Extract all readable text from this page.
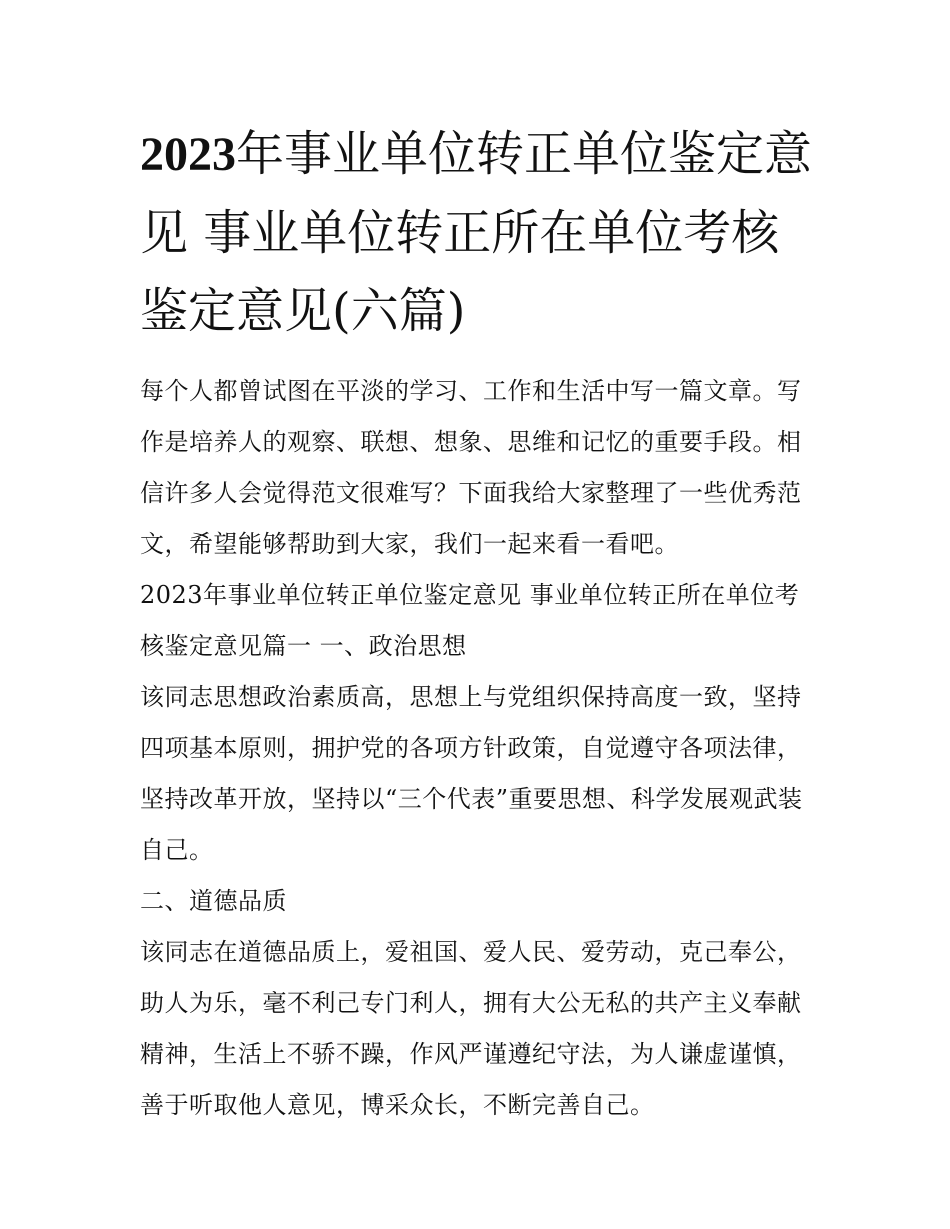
2023年事业单位转正单位鉴定意见 事业单位转正所在单位考核鉴定意见(六篇)

每个人都曾试图在平淡的学习、工作和生活中写一篇文章。写作是培养人的观察、联想、想象、思维和记忆的重要手段。相信许多人会觉得范文很难写？下面我给大家整理了一些优秀范文，希望能够帮助到大家，我们一起来看一看吧。

2023年事业单位转正单位鉴定意见 事业单位转正所在单位考核鉴定意见篇一 一、政治思想

该同志思想政治素质高，思想上与党组织保持高度一致，坚持四项基本原则，拥护党的各项方针政策，自觉遵守各项法律，坚持改革开放，坚持以“三个代表”重要思想、科学发展观武装自己。

二、道德品质

该同志在道德品质上，爱祖国、爱人民、爱劳动，克己奉公，助人为乐，毫不利己专门利人，拥有大公无私的共产主义奉献精神，生活上不骄不躁，作风严谨遵纪守法，为人谦虚谨慎，善于听取他人意见，博采众长，不断完善自己。
